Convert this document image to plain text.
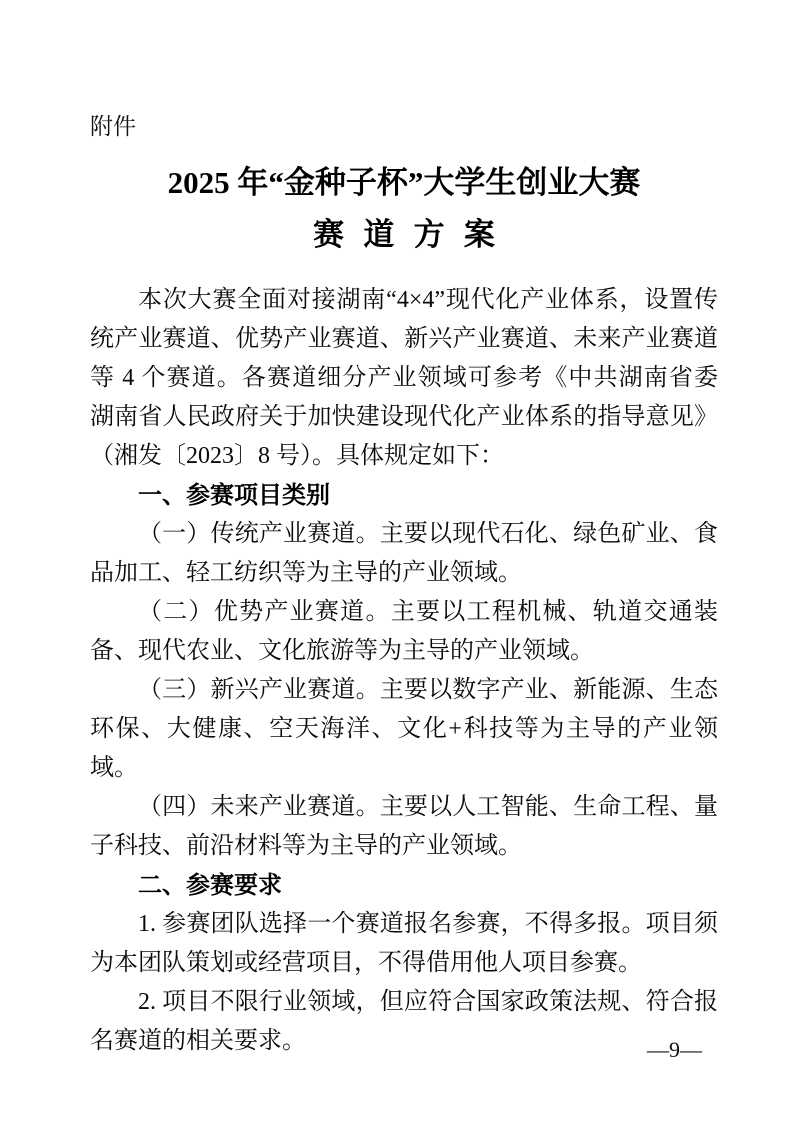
附件
2025 年“金种子杯”大学生创业大赛
赛道方案

本次大赛全面对接湖南“4×4”现代化产业体系，设置传统产业赛道、优势产业赛道、新兴产业赛道、未来产业赛道等 4 个赛道。各赛道细分产业领域可参考《中共湖南省委　湖南省人民政府关于加快建设现代化产业体系的指导意见》（湘发〔2023〕8 号）。具体规定如下：

一、参赛项目类别

（一）传统产业赛道。主要以现代石化、绿色矿业、食品加工、轻工纺织等为主导的产业领域。

（二）优势产业赛道。主要以工程机械、轨道交通装备、现代农业、文化旅游等为主导的产业领域。

（三）新兴产业赛道。主要以数字产业、新能源、生态环保、大健康、空天海洋、文化+科技等为主导的产业领域。

（四）未来产业赛道。主要以人工智能、生命工程、量子科技、前沿材料等为主导的产业领域。

二、参赛要求

1. 参赛团队选择一个赛道报名参赛，不得多报。项目须为本团队策划或经营项目，不得借用他人项目参赛。

2. 项目不限行业领域，但应符合国家政策法规、符合报名赛道的相关要求。	—9—
